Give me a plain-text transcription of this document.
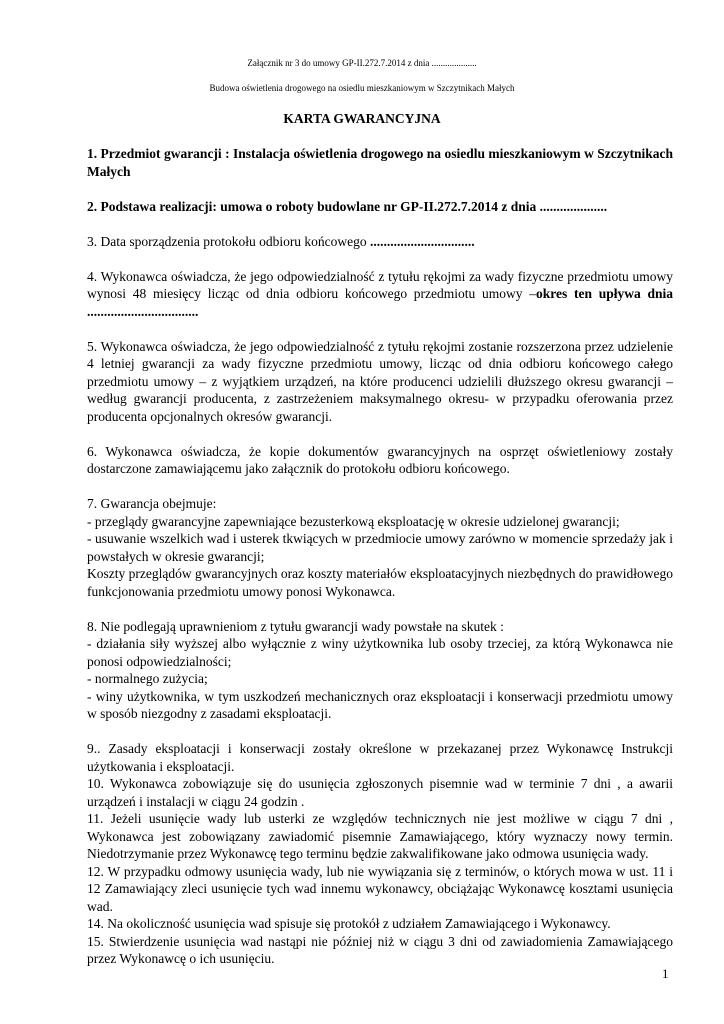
Załącznik nr 3 do umowy GP-II.272.7.2014 z dnia ....................
Budowa oświetlenia drogowego na osiedlu mieszkaniowym w Szczytnikach Małych
KARTA GWARANCYJNA

1. Przedmiot gwarancji : Instalacja oświetlenia drogowego na osiedlu mieszkaniowym w Szczytnikach Małych

2. Podstawa realizacji: umowa o roboty budowlane nr GP-II.272.7.2014 z dnia ....................

3. Data sporządzenia protokołu odbioru końcowego ...............................

4. Wykonawca oświadcza, że jego odpowiedzialność z tytułu rękojmi za wady fizyczne przedmiotu umowy wynosi 48 miesięcy licząc od dnia odbioru końcowego przedmiotu umowy –okres ten upływa dnia .................................

5. Wykonawca oświadcza, że jego odpowiedzialność z tytułu rękojmi zostanie rozszerzona przez udzielenie 4 letniej gwarancji za wady fizyczne przedmiotu umowy, licząc od dnia odbioru końcowego całego przedmiotu umowy – z wyjątkiem urządzeń, na które producenci udzielili dłuższego okresu gwarancji –według gwarancji producenta, z zastrzeżeniem maksymalnego okresu- w przypadku oferowania przez producenta opcjonalnych okresów gwarancji.

6. Wykonawca oświadcza, że kopie dokumentów gwarancyjnych na osprzęt oświetleniowy zostały dostarczone zamawiającemu jako załącznik do protokołu odbioru końcowego.

7. Gwarancja obejmuje:

- przeglądy gwarancyjne zapewniające bezusterkową eksploatację w okresie udzielonej gwarancji;

- usuwanie wszelkich wad i usterek tkwiących w przedmiocie umowy zarówno w momencie sprzedaży jak i powstałych w okresie gwarancji;

Koszty przeglądów gwarancyjnych oraz koszty materiałów eksploatacyjnych niezbędnych do prawidłowego funkcjonowania przedmiotu umowy ponosi Wykonawca.

8. Nie podlegają uprawnieniom z tytułu gwarancji wady powstałe na skutek :

- działania siły wyższej albo wyłącznie z winy użytkownika lub osoby trzeciej, za którą Wykonawca nie ponosi odpowiedzialności;

- normalnego zużycia;

- winy użytkownika, w tym uszkodzeń mechanicznych oraz eksploatacji i konserwacji przedmiotu umowy w sposób niezgodny z zasadami eksploatacji.

9.. Zasady eksploatacji i konserwacji zostały określone w przekazanej przez Wykonawcę Instrukcji użytkowania i eksploatacji.

10. Wykonawca zobowiązuje się do usunięcia zgłoszonych pisemnie wad w terminie 7 dni , a awarii urządzeń i instalacji w ciągu 24 godzin .

11. Jeżeli usunięcie wady lub usterki ze względów technicznych nie jest możliwe w ciągu 7 dni , Wykonawca jest zobowiązany zawiadomić pisemnie Zamawiającego, który wyznaczy nowy termin. Niedotrzymanie przez Wykonawcę tego terminu będzie zakwalifikowane jako odmowa usunięcia wady.

12. W przypadku odmowy usunięcia wady, lub nie wywiązania się z terminów, o których mowa w ust. 11 i 12 Zamawiający zleci usunięcie tych wad innemu wykonawcy, obciążając Wykonawcę kosztami usunięcia wad.

14. Na okoliczność usunięcia wad spisuje się protokół z udziałem Zamawiającego i Wykonawcy.

15. Stwierdzenie usunięcia wad nastąpi nie później niż w ciągu 3 dni od zawiadomienia Zamawiającego przez Wykonawcę o ich usunięciu.

1
